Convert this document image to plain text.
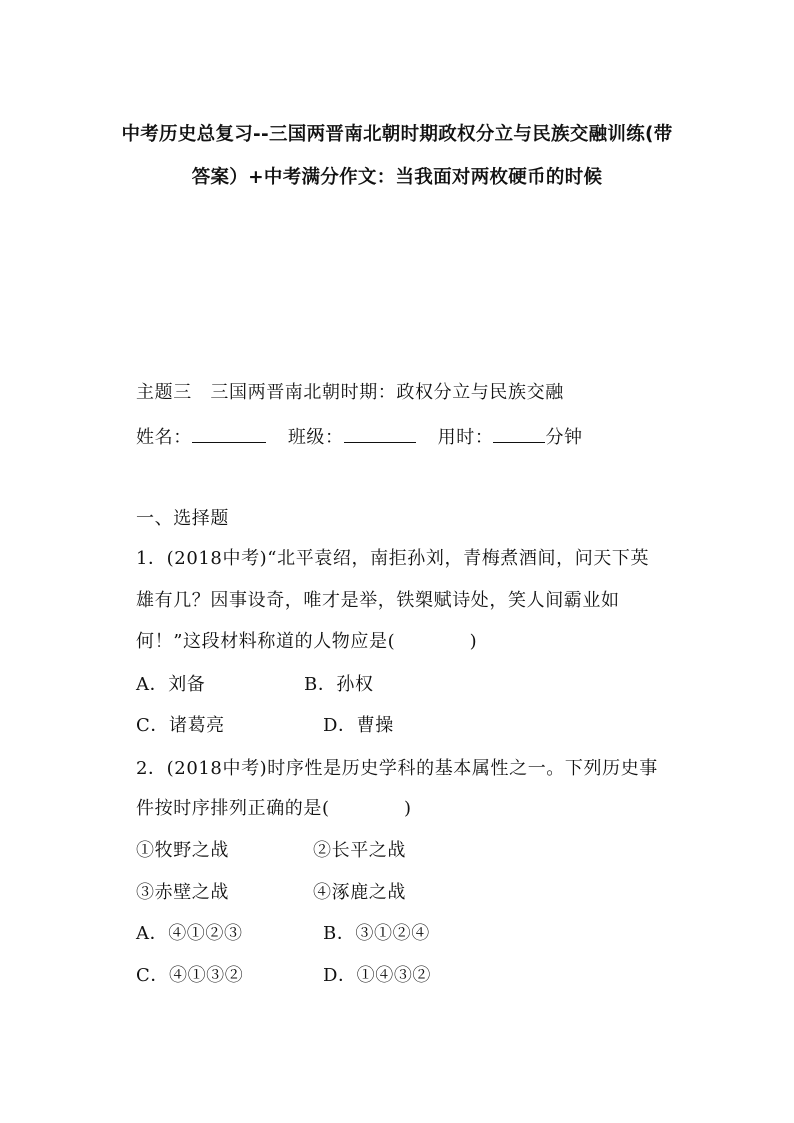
中考历史总复习--三国两晋南北朝时期政权分立与民族交融训练(带
答案）+中考满分作文：当我面对两枚硬币的时候
主题三　三国两晋南北朝时期：政权分立与民族交融
姓名：	班级：	用时：	分钟
一、选择题
1．(2018中考)“北平袁绍，南拒孙刘，青梅煮酒间，问天下英
雄有几？因事设奇，唯才是举，铁槊赋诗处，笑人间霸业如
何！”这段材料称道的人物应是(　　　　)
A．刘备	B．孙权
C．诸葛亮	D．曹操
2．(2018中考)时序性是历史学科的基本属性之一。下列历史事
件按时序排列正确的是(　　　　)
①牧野之战	②长平之战
③赤壁之战	④涿鹿之战
A．④①②③	B．③①②④
C．④①③②	D．①④③②
